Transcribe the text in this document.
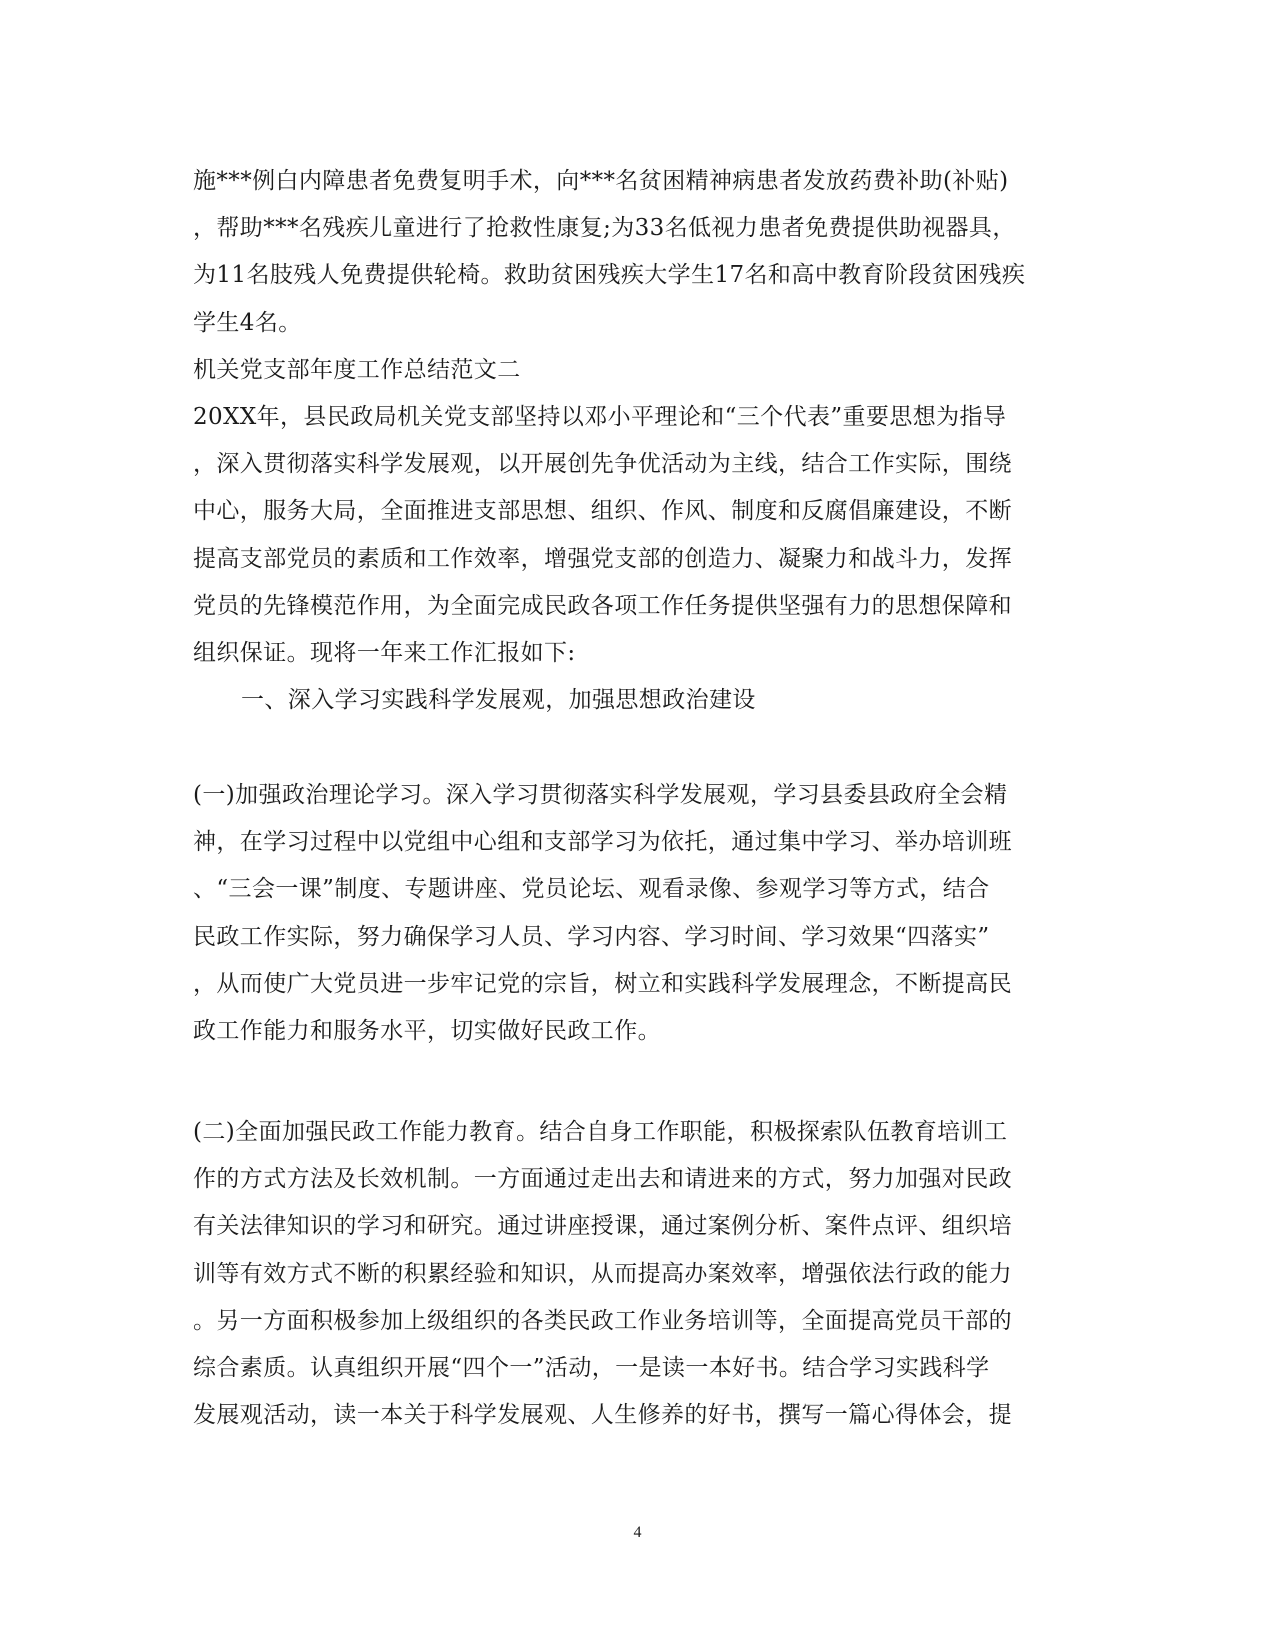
施***例白内障患者免费复明手术，向***名贫困精神病患者发放药费补助(补贴)
，帮助***名残疾儿童进行了抢救性康复;为33名低视力患者免费提供助视器具，
为11名肢残人免费提供轮椅。救助贫困残疾大学生17名和高中教育阶段贫困残疾
学生4名。
机关党支部年度工作总结范文二
20XX年，县民政局机关党支部坚持以邓小平理论和“三个代表”重要思想为指导
，深入贯彻落实科学发展观，以开展创先争优活动为主线，结合工作实际，围绕
中心，服务大局，全面推进支部思想、组织、作风、制度和反腐倡廉建设，不断
提高支部党员的素质和工作效率，增强党支部的创造力、凝聚力和战斗力，发挥
党员的先锋模范作用，为全面完成民政各项工作任务提供坚强有力的思想保障和
组织保证。现将一年来工作汇报如下:
一、深入学习实践科学发展观，加强思想政治建设
(一)加强政治理论学习。深入学习贯彻落实科学发展观，学习县委县政府全会精
神，在学习过程中以党组中心组和支部学习为依托，通过集中学习、举办培训班
、“三会一课”制度、专题讲座、党员论坛、观看录像、参观学习等方式，结合
民政工作实际，努力确保学习人员、学习内容、学习时间、学习效果“四落实”
，从而使广大党员进一步牢记党的宗旨，树立和实践科学发展理念，不断提高民
政工作能力和服务水平，切实做好民政工作。
(二)全面加强民政工作能力教育。结合自身工作职能，积极探索队伍教育培训工
作的方式方法及长效机制。一方面通过走出去和请进来的方式，努力加强对民政
有关法律知识的学习和研究。通过讲座授课，通过案例分析、案件点评、组织培
训等有效方式不断的积累经验和知识，从而提高办案效率，增强依法行政的能力
。另一方面积极参加上级组织的各类民政工作业务培训等，全面提高党员干部的
综合素质。认真组织开展“四个一”活动，一是读一本好书。结合学习实践科学
发展观活动，读一本关于科学发展观、人生修养的好书，撰写一篇心得体会，提
4
